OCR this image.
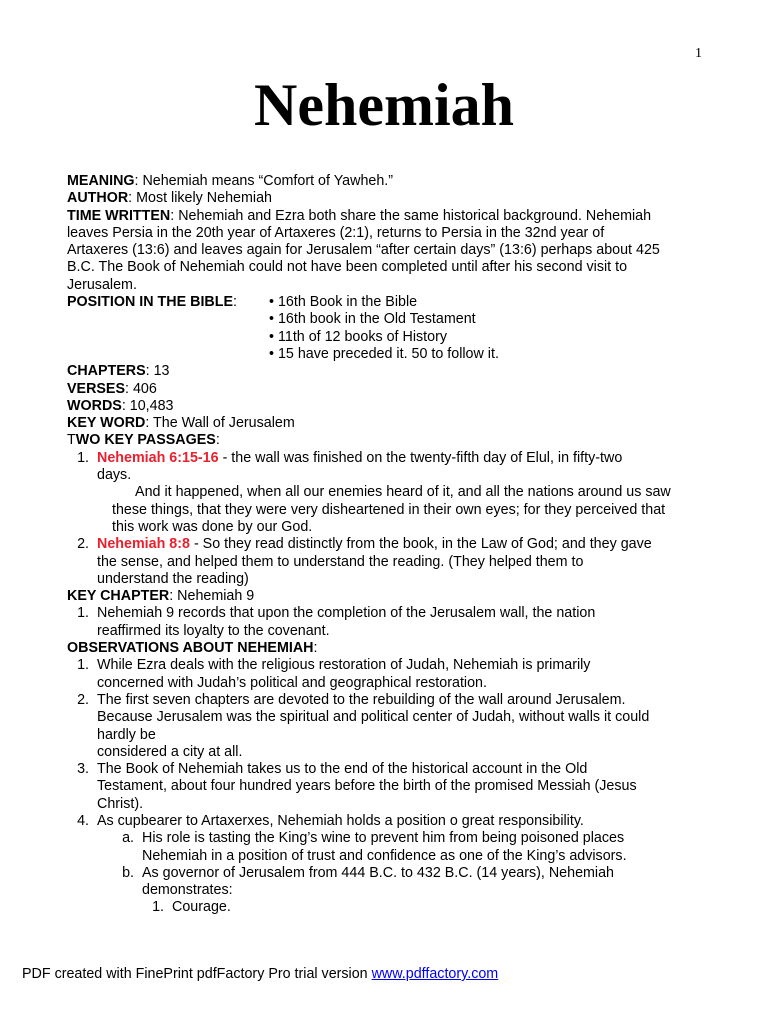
1
Nehemiah
MEANING: Nehemiah means “Comfort of Yawheh.”
AUTHOR: Most likely Nehemiah
TIME WRITTEN: Nehemiah and Ezra both share the same historical background. Nehemiah
leaves Persia in the 20th year of Artaxeres (2:1), returns to Persia in the 32nd year of
Artaxeres (13:6) and leaves again for Jerusalem “after certain days” (13:6) perhaps about 425
B.C. The Book of Nehemiah could not have been completed until after his second visit to
Jerusalem.
POSITION IN THE BIBLE:	• 16th Book in the Bible
• 16th book in the Old Testament
• 11th of 12 books of History
• 15 have preceded it. 50 to follow it.
CHAPTERS: 13
VERSES: 406
WORDS: 10,483
KEY WORD: The Wall of Jerusalem
TWO KEY PASSAGES:
1. Nehemiah 6:15-16 - the wall was finished on the twenty-fifth day of Elul, in fifty-two
days.
And it happened, when all our enemies heard of it, and all the nations around us saw
these things, that they were very disheartened in their own eyes; for they perceived that
this work was done by our God.
2. Nehemiah 8:8 - So they read distinctly from the book, in the Law of God; and they gave
the sense, and helped them to understand the reading. (They helped them to
understand the reading)
KEY CHAPTER: Nehemiah 9
1. Nehemiah 9 records that upon the completion of the Jerusalem wall, the nation
reaffirmed its loyalty to the covenant.
OBSERVATIONS ABOUT NEHEMIAH:
1. While Ezra deals with the religious restoration of Judah, Nehemiah is primarily
concerned with Judah’s political and geographical restoration.
2. The first seven chapters are devoted to the rebuilding of the wall around Jerusalem.
Because Jerusalem was the spiritual and political center of Judah, without walls it could
hardly be
considered a city at all.
3. The Book of Nehemiah takes us to the end of the historical account in the Old
Testament, about four hundred years before the birth of the promised Messiah (Jesus
Christ).
4. As cupbearer to Artaxerxes, Nehemiah holds a position o great responsibility.
a. His role is tasting the King’s wine to prevent him from being poisoned places
Nehemiah in a position of trust and confidence as one of the King’s advisors.
b. As governor of Jerusalem from 444 B.C. to 432 B.C. (14 years), Nehemiah
demonstrates:
1. Courage.
PDF created with FinePrint pdfFactory Pro trial version www.pdffactory.com
